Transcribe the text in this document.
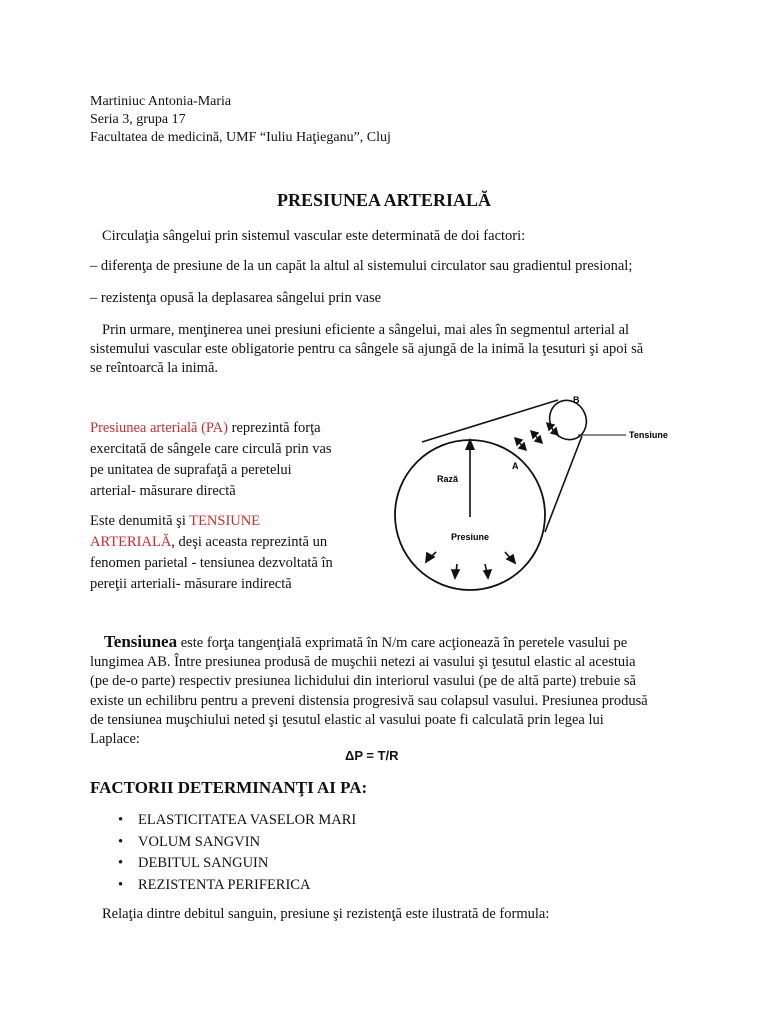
Martiniuc Antonia-Maria
Seria 3, grupa 17
Facultatea de medicină, UMF “Iuliu Haţieganu”, Cluj
PRESIUNEA ARTERIALĂ
Circulaţia sângelui prin sistemul vascular este determinată de doi factori:
– diferenţa de presiune de la un capăt la altul al sistemului circulator sau gradientul presional;
– rezistenţa opusă la deplasarea sângelui prin vase
Prin urmare, menţinerea unei presiuni eficiente a sângelui, mai ales în segmentul arterial al
sistemului vascular este obligatorie pentru ca sângele să ajungă de la inimă la ţesuturi şi apoi să
se reîntoarcă la inimă.
Presiunea arterială (PA) reprezintă forţa
exercitată de sângele care circulă prin vas
pe unitatea de suprafaţă a peretelui
arterial- măsurare directă
Este denumită şi TENSIUNE
ARTERIALĂ, deşi aceasta reprezintă un
fenomen parietal - tensiunea dezvoltată în
pereţii arteriali- măsurare indirectă
B
A
Tensiune
Rază
Presiune
Tensiunea este forţa tangenţială exprimată în N/m care acţionează în peretele vasului pe
lungimea AB. Între presiunea produsă de muşchii netezi ai vasului şi ţesutul elastic al acestuia
(pe de-o parte) respectiv presiunea lichidului din interiorul vasului (pe de altă parte) trebuie să
existe un echilibru pentru a preveni distensia progresivă sau colapsul vasului. Presiunea produsă
de tensiunea muşchiului neted şi ţesutul elastic al vasului poate fi calculată prin legea lui
Laplace:
ΔP = T/R
FACTORII DETERMINANŢI AI PA:
• ELASTICITATEA VASELOR MARI
• VOLUM SANGVIN
• DEBITUL SANGUIN
• REZISTENTA PERIFERICA
Relaţia dintre debitul sanguin, presiune şi rezistenţă este ilustrată de formula:
